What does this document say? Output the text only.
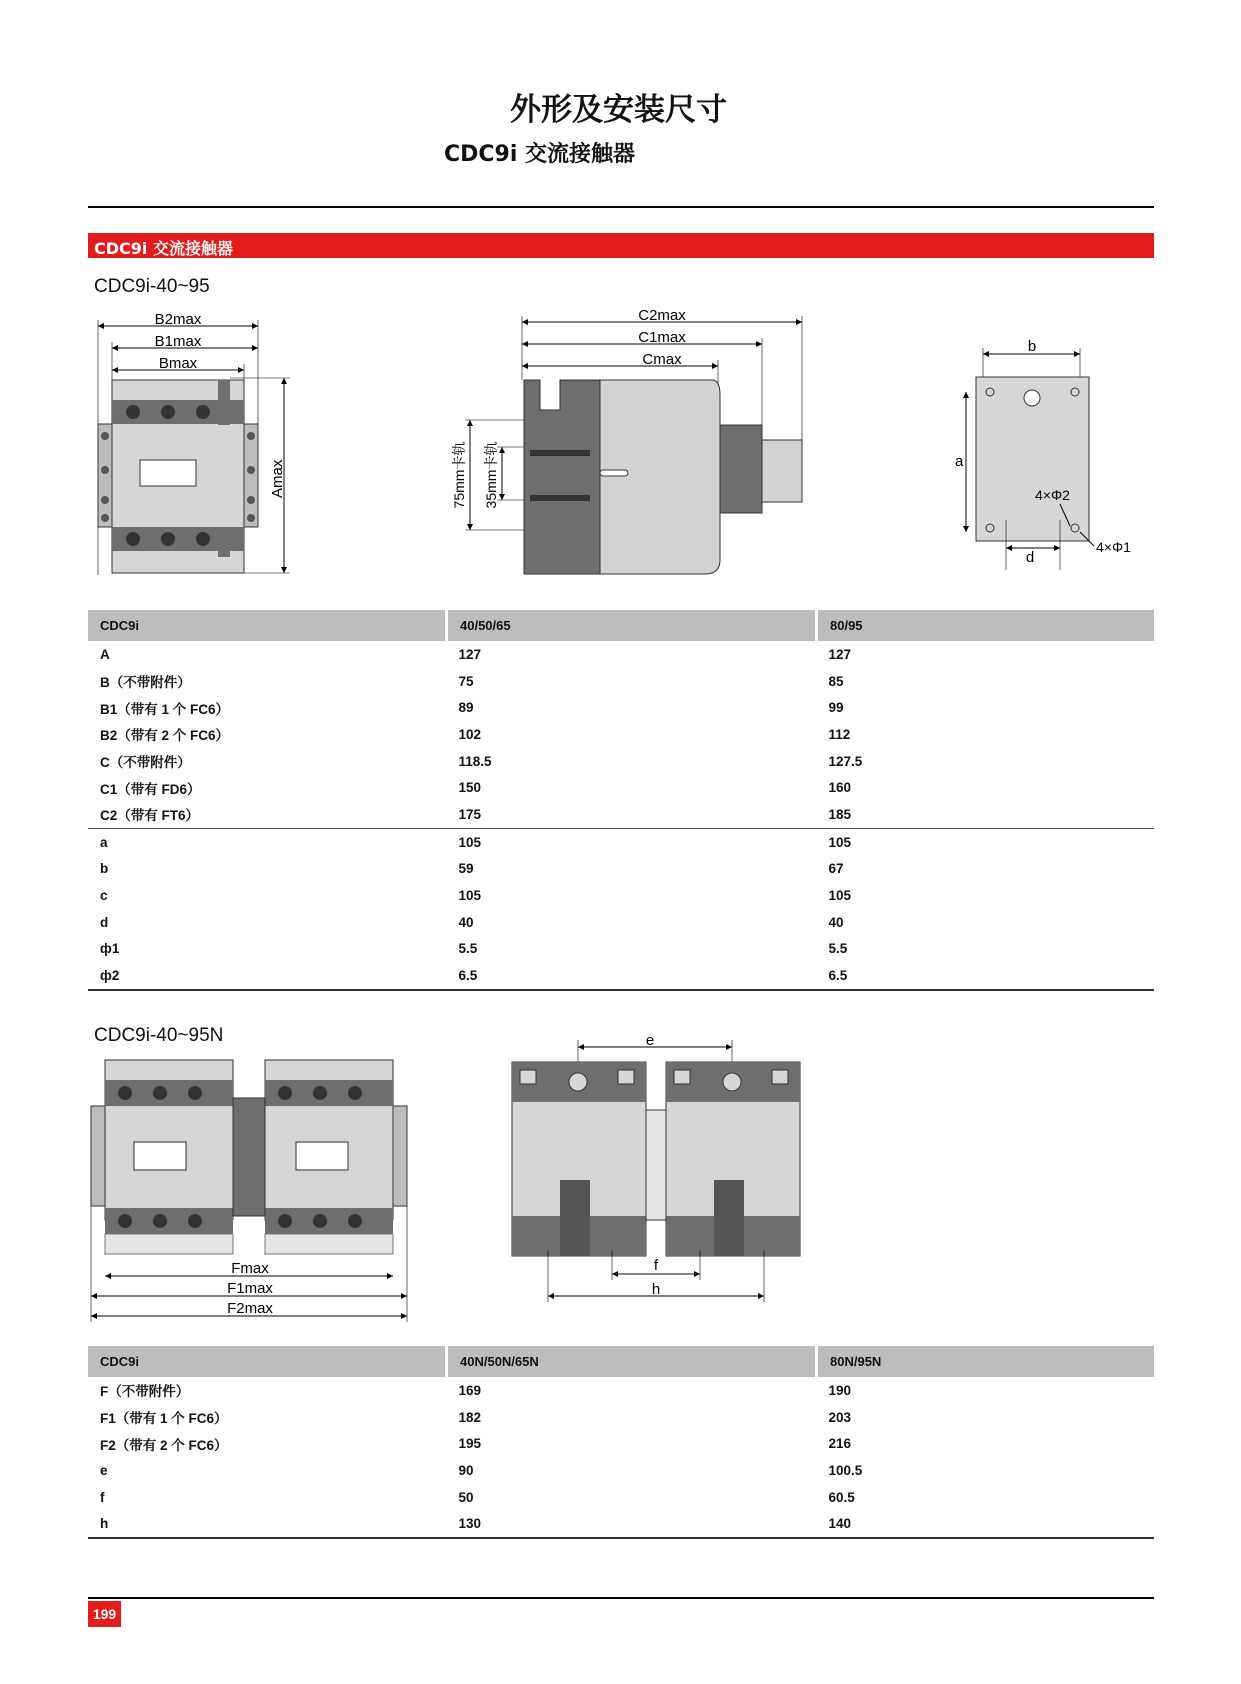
外形及安装尺寸
CDC9i 交流接触器
CDC9i 交流接触器
CDC9i-40~95
B2max
B1max
Bmax
Amax
C2max
C1max
Cmax
75mm卡轨 35mm卡轨
b
a
d
4×Φ2
4×Φ1
Fmax
F1max
F2max
e
f
h
CDC9i	40/50/65	80/95
A	127	127
B（不带附件）	75	85
B1（带有 1 个 FC6）	89	99
B2（带有 2 个 FC6）	102	112
C（不带附件）	118.5	127.5
C1（带有 FD6）	150	160
C2（带有 FT6）	175	185
a	105	105
b	59	67
c	105	105
d	40	40
ф1	5.5	5.5
ф2	6.5	6.5
CDC9i-40~95N
CDC9i	40N/50N/65N	80N/95N
F（不带附件）	169	190
F1（带有 1 个 FC6）	182	203
F2（带有 2 个 FC6）	195	216
e	90	100.5
f	50	60.5
h	130	140
199
